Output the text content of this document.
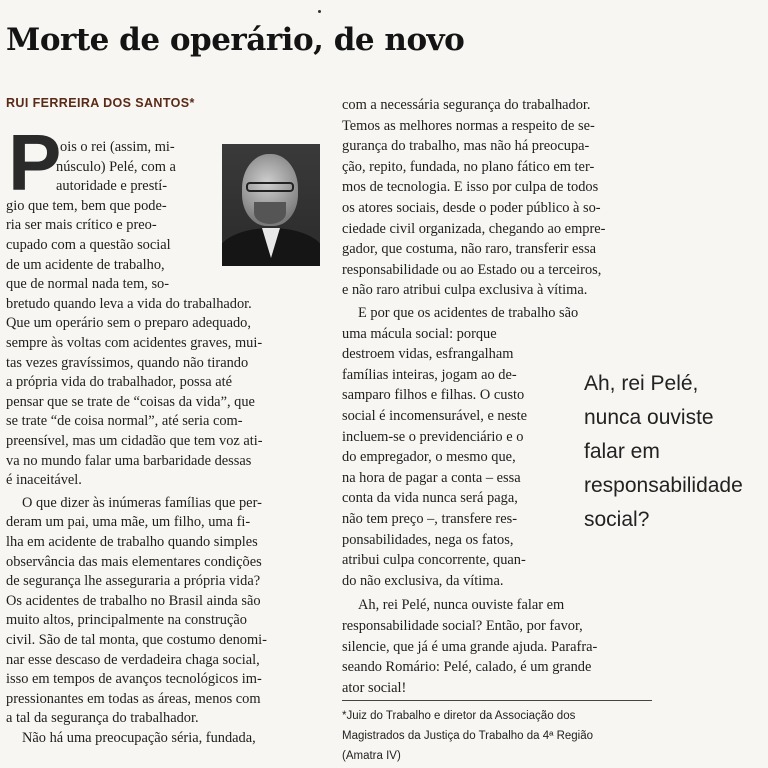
Morte de operário, de novo
RUI FERREIRA DOS SANTOS*
P
ois o rei (assim, mi-
núsculo) Pelé, com a
autoridade e prestí-
gio que tem, bem que pode-
ria ser mais crítico e preo-
cupado com a questão social
de um acidente de trabalho,
que de normal nada tem, so-
bretudo quando leva a vida do trabalhador.
Que um operário sem o preparo adequado,
sempre às voltas com acidentes graves, mui-
tas vezes gravíssimos, quando não tirando
a própria vida do trabalhador, possa até
pensar que se trate de “coisas da vida”, que
se trate “de coisa normal”, até seria com-
preensível, mas um cidadão que tem voz ati-
va no mundo falar uma barbaridade dessas
é inaceitável.
O que dizer às inúmeras famílias que per-
deram um pai, uma mãe, um filho, uma fi-
lha em acidente de trabalho quando simples
observância das mais elementares condições
de segurança lhe asseguraria a própria vida?
Os acidentes de trabalho no Brasil ainda são
muito altos, principalmente na construção
civil. São de tal monta, que costumo denomi-
nar esse descaso de verdadeira chaga social,
isso em tempos de avanços tecnológicos im-
pressionantes em todas as áreas, menos com
a tal da segurança do trabalhador.
Não há uma preocupação séria, fundada,
com a necessária segurança do trabalhador.
Temos as melhores normas a respeito de se-
gurança do trabalho, mas não há preocupa-
ção, repito, fundada, no plano fático em ter-
mos de tecnologia. E isso por culpa de todos
os atores sociais, desde o poder público à so-
ciedade civil organizada, chegando ao empre-
gador, que costuma, não raro, transferir essa
responsabilidade ou ao Estado ou a terceiros,
e não raro atribui culpa exclusiva à vítima.
E por que os acidentes de trabalho são
uma mácula social: porque
destroem vidas, esfrangalham
famílias inteiras, jogam ao de-
samparo filhos e filhas. O custo
social é incomensurável, e neste
incluem-se o previdenciário e o
do empregador, o mesmo que,
na hora de pagar a conta – essa
conta da vida nunca será paga,
não tem preço –, transfere res-
ponsabilidades, nega os fatos,
atribui culpa concorrente, quan-
do não exclusiva, da vítima.
Ah, rei Pelé, nunca ouviste falar em
responsabilidade social? Então, por favor,
silencie, que já é uma grande ajuda. Parafra-
seando Romário: Pelé, calado, é um grande
ator social!
Ah, rei Pelé,
nunca ouviste
falar em
responsabilidade
social?
*Juiz do Trabalho e diretor da Associação dos
Magistrados da Justiça do Trabalho da 4ª Região
(Amatra IV)
